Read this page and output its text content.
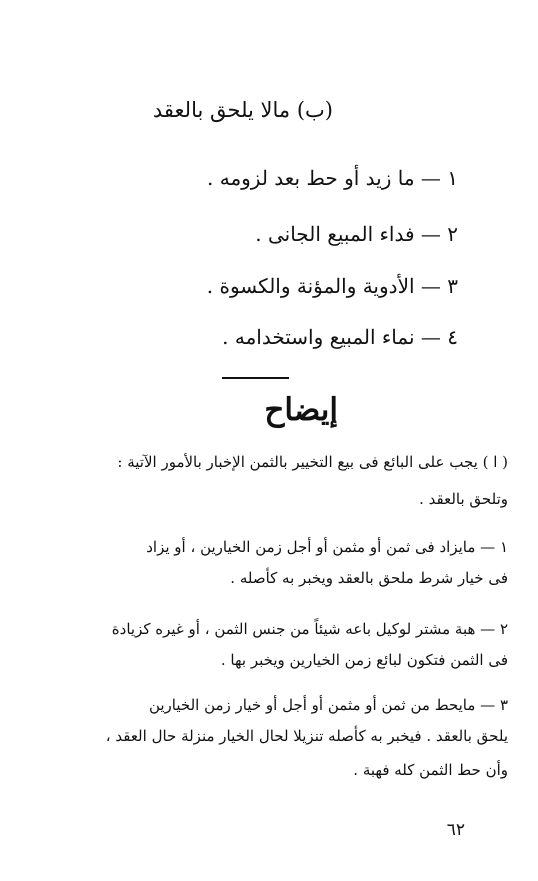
(ب) مالا يلحق بالعقد
١ — ما زيد أو حط بعد لزومه .
٢ — فداء المبيع الجانى .
٣ — الأدوية والمؤنة والكسوة .
٤ — نماء المبيع واستخدامه .
إيضاح
( ا ) يجب على البائع فى بيع التخيير بالثمن الإخبار بالأمور الآتية :
وتلحق بالعقد .
١ — مايزاد فى ثمن أو مثمن أو أجل زمن الخيارين ، أو يزاد
فى خيار شرط ملحق بالعقد ويخبر به كأصله .
٢ — هبة مشتر لوكيل باعه شيئاً من جنس الثمن ، أو غيره كزيادة
فى الثمن فتكون لبائع زمن الخيارين ويخبر بها .
٣ — مايحط من ثمن أو مثمن أو أجل أو خيار زمن الخيارين
يلحق بالعقد . فيخبر به كأصله تنزيلا لحال الخيار منزلة حال العقد ،
وأن حط الثمن كله فهبة .
٦٢
